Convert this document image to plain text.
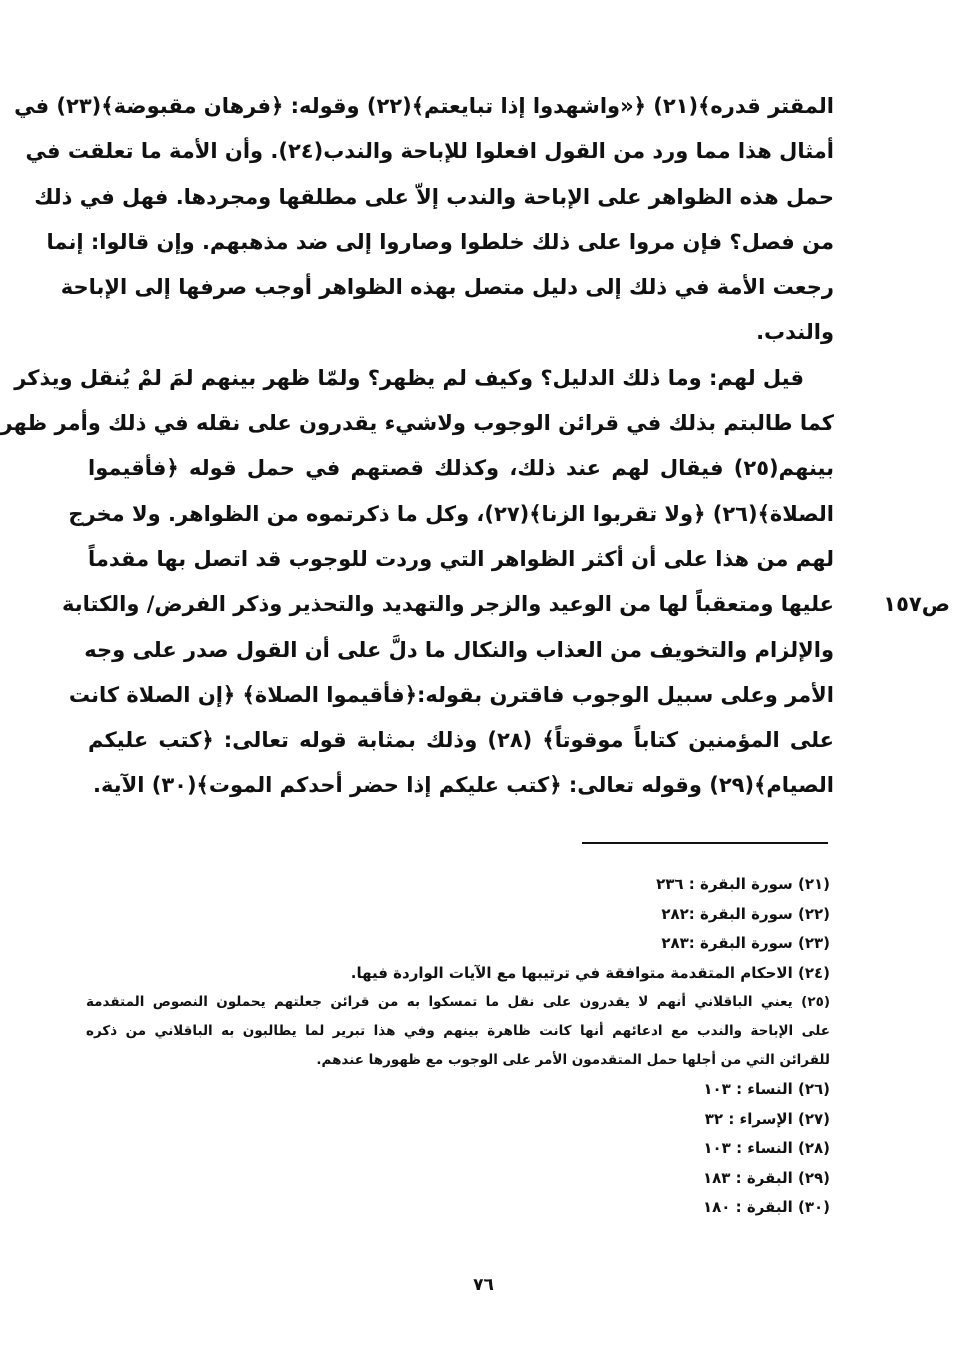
المقتر قدره﴾(٢١) ﴿«واشهدوا إذا تبايعتم﴾(٢٢) وقوله: ﴿فرهان مقبوضة﴾(٢٣) في
أمثال هذا مما ورد من القول افعلوا للإباحة والندب(٢٤). وأن الأمة ما تعلقت في
حمل هذه الظواهر على الإباحة والندب إلاّ على مطلقها ومجردها. فهل في ذلك
من فصل؟ فإن مروا على ذلك خلطوا وصاروا إلى ضد مذهبهم. وإن قالوا: إنما
رجعت الأمة في ذلك إلى دليل متصل بهذه الظواهر أوجب صرفها إلى الإباحة
والندب.
قيل لهم: وما ذلك الدليل؟ وكيف لم يظهر؟ ولمّا ظهر بينهم لمَ لمْ يُنقل ويذكر
كما طالبتم بذلك في قرائن الوجوب ولاشيء يقدرون على نقله في ذلك وأمر ظهر
بينهم(٢٥) فيقال لهم عند ذلك، وكذلك قصتهم في حمل قوله ﴿فأقيموا
الصلاة﴾(٢٦) ﴿ولا تقربوا الزنا﴾(٢٧)، وكل ما ذكرتموه من الظواهر. ولا مخرج
لهم من هذا على أن أكثر الظواهر التي وردت للوجوب قد اتصل بها مقدماً
عليها ومتعقباً لها من الوعيد والزجر والتهديد والتحذير وذكر الفرض/ والكتابة
والإلزام والتخويف من العذاب والنكال ما دلَّ على أن القول صدر على وجه
الأمر وعلى سبيل الوجوب فاقترن بقوله:﴿فأقيموا الصلاة﴾ ﴿إن الصلاة كانت
على المؤمنين كتاباً موقوتاً﴾ (٢٨) وذلك بمثابة قوله تعالى: ﴿كتب عليكم
الصيام﴾(٢٩) وقوله تعالى: ﴿كتب عليكم إذا حضر أحدكم الموت﴾(٣٠) الآية.
ص١٥٧
(٢١) سورة البقرة : ٢٣٦
(٢٢) سورة البقرة :٢٨٢
(٢٣) سورة البقرة :٢٨٣
(٢٤) الاحكام المتقدمة متوافقة في ترتيبها مع الآيات الواردة فيها.
(٢٥) يعني الباقلاني أنهم لا يقدرون على نقل ما تمسكوا به من قرائن جعلتهم يحملون النصوص المتقدمة
على الإباحة والندب مع ادعائهم أنها كانت ظاهرة بينهم وفي هذا تبرير لما يطالبون به الباقلاني من ذكره
للقرائن التي من أجلها حمل المتقدمون الأمر على الوجوب مع ظهورها عندهم.
(٢٦) النساء : ١٠٣
(٢٧) الإسراء : ٣٢
(٢٨) النساء : ١٠٣
(٢٩) البقرة : ١٨٣
(٣٠) البقرة : ١٨٠
٧٦
